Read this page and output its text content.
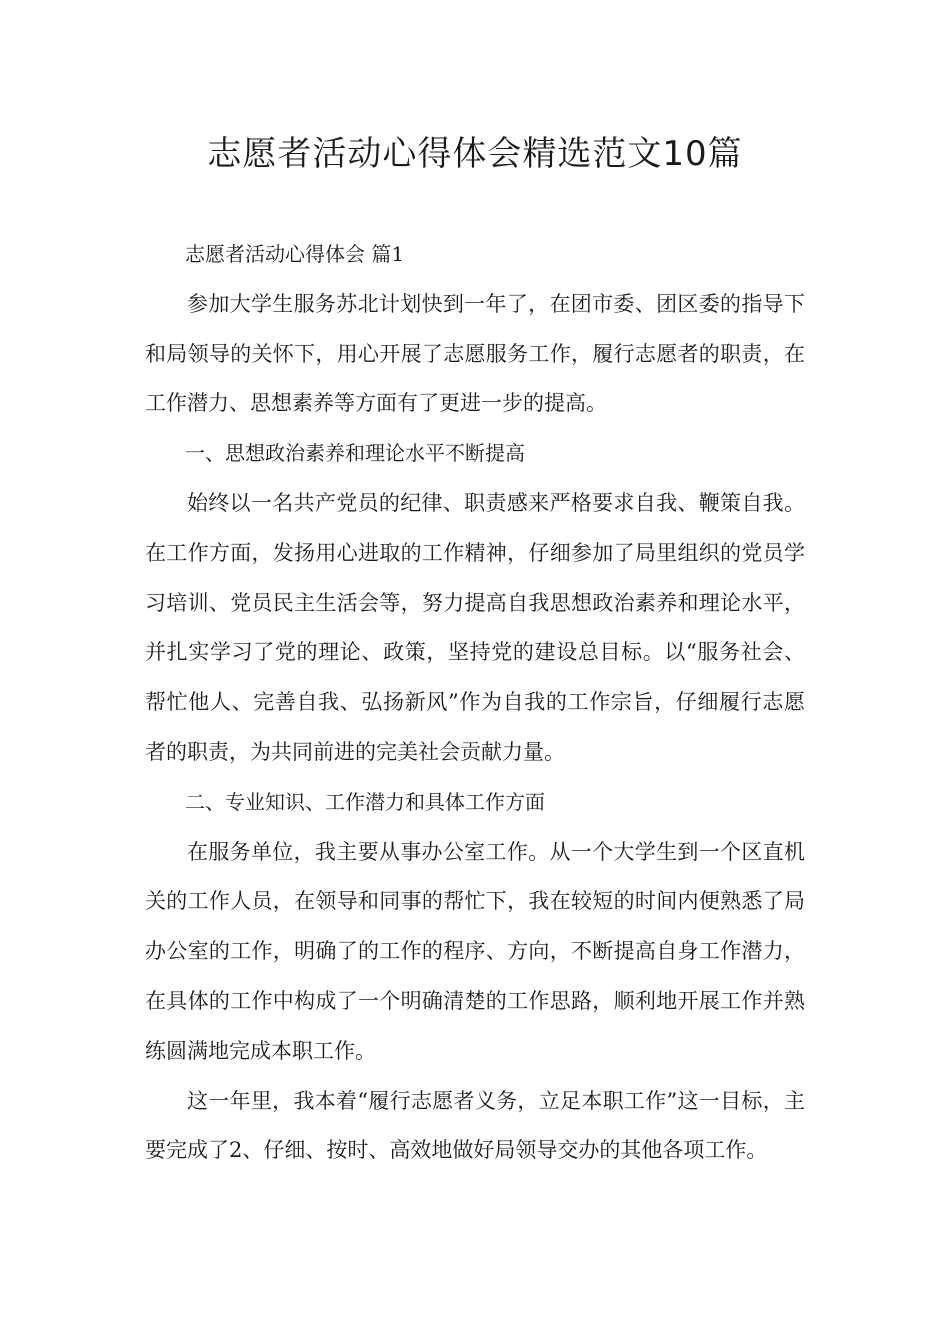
志愿者活动心得体会精选范文10篇

志愿者活动心得体会 篇1

参加大学生服务苏北计划快到一年了，在团市委、团区委的指导下和局领导的关怀下，用心开展了志愿服务工作，履行志愿者的职责，在工作潜力、思想素养等方面有了更进一步的提高。

一、思想政治素养和理论水平不断提高

始终以一名共产党员的纪律、职责感来严格要求自我、鞭策自我。在工作方面，发扬用心进取的工作精神，仔细参加了局里组织的党员学习培训、党员民主生活会等，努力提高自我思想政治素养和理论水平，并扎实学习了党的理论、政策，坚持党的建设总目标。以“服务社会、帮忙他人、完善自我、弘扬新风”作为自我的工作宗旨，仔细履行志愿者的职责，为共同前进的完美社会贡献力量。

二、专业知识、工作潜力和具体工作方面

在服务单位，我主要从事办公室工作。从一个大学生到一个区直机关的工作人员，在领导和同事的帮忙下，我在较短的时间内便熟悉了局办公室的工作，明确了的工作的程序、方向，不断提高自身工作潜力，在具体的工作中构成了一个明确清楚的工作思路，顺利地开展工作并熟练圆满地完成本职工作。

这一年里，我本着“履行志愿者义务，立足本职工作”这一目标，主要完成了2、仔细、按时、高效地做好局领导交办的其他各项工作。
